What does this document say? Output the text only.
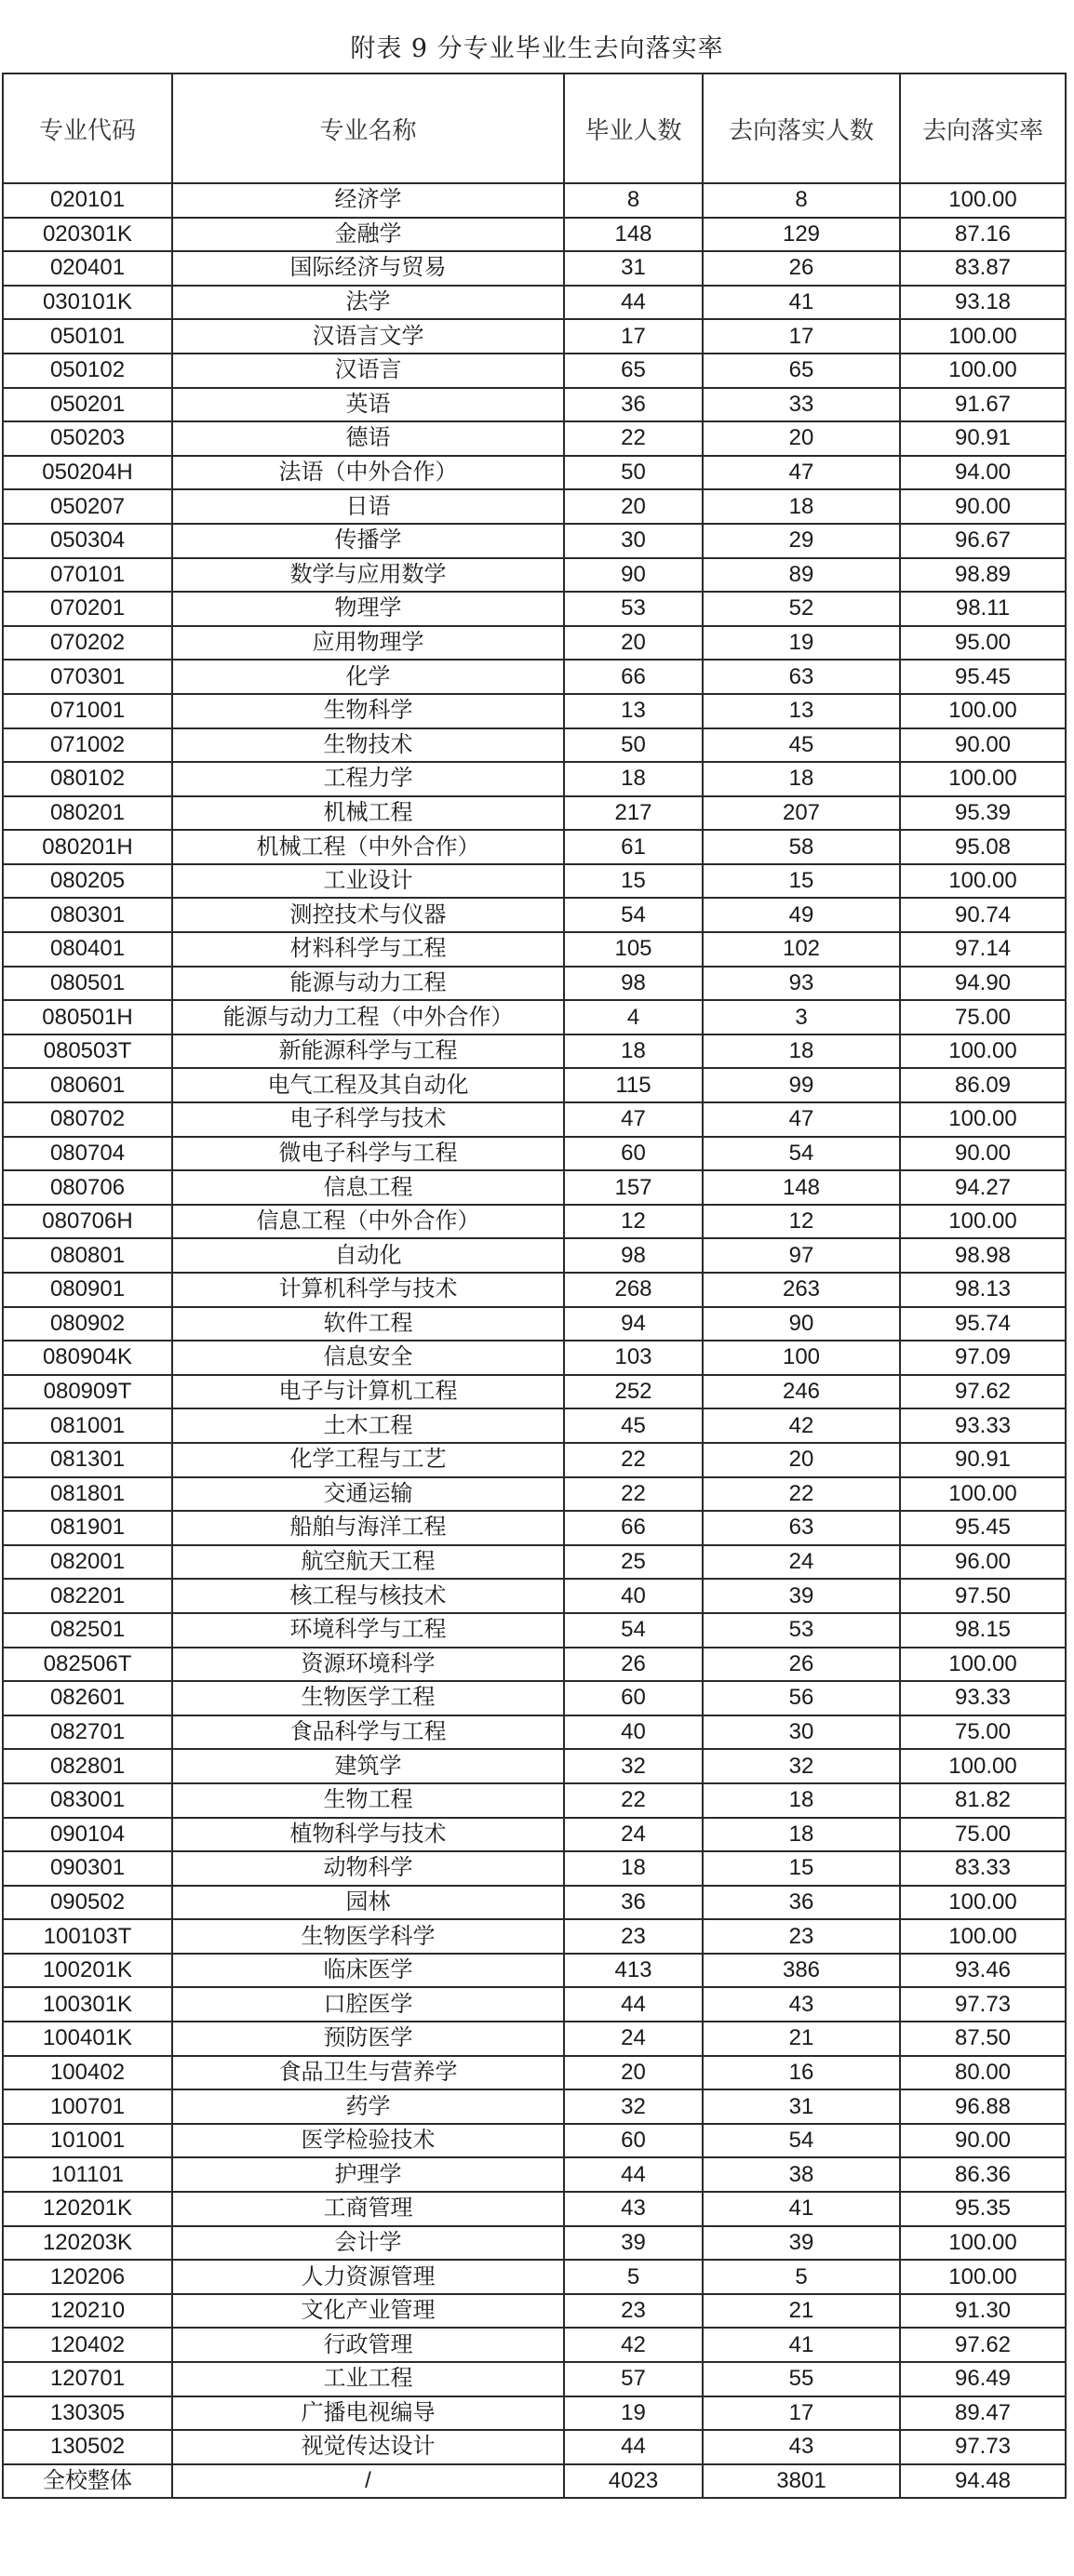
附表 9 分专业毕业生去向落实率
专业代码	专业名称	毕业人数	去向落实人数	去向落实率
020101	经济学	8	8	100.00
020301K	金融学	148	129	87.16
020401	国际经济与贸易	31	26	83.87
030101K	法学	44	41	93.18
050101	汉语言文学	17	17	100.00
050102	汉语言	65	65	100.00
050201	英语	36	33	91.67
050203	德语	22	20	90.91
050204H	法语（中外合作）	50	47	94.00
050207	日语	20	18	90.00
050304	传播学	30	29	96.67
070101	数学与应用数学	90	89	98.89
070201	物理学	53	52	98.11
070202	应用物理学	20	19	95.00
070301	化学	66	63	95.45
071001	生物科学	13	13	100.00
071002	生物技术	50	45	90.00
080102	工程力学	18	18	100.00
080201	机械工程	217	207	95.39
080201H	机械工程（中外合作）	61	58	95.08
080205	工业设计	15	15	100.00
080301	测控技术与仪器	54	49	90.74
080401	材料科学与工程	105	102	97.14
080501	能源与动力工程	98	93	94.90
080501H	能源与动力工程（中外合作）	4	3	75.00
080503T	新能源科学与工程	18	18	100.00
080601	电气工程及其自动化	115	99	86.09
080702	电子科学与技术	47	47	100.00
080704	微电子科学与工程	60	54	90.00
080706	信息工程	157	148	94.27
080706H	信息工程（中外合作）	12	12	100.00
080801	自动化	98	97	98.98
080901	计算机科学与技术	268	263	98.13
080902	软件工程	94	90	95.74
080904K	信息安全	103	100	97.09
080909T	电子与计算机工程	252	246	97.62
081001	土木工程	45	42	93.33
081301	化学工程与工艺	22	20	90.91
081801	交通运输	22	22	100.00
081901	船舶与海洋工程	66	63	95.45
082001	航空航天工程	25	24	96.00
082201	核工程与核技术	40	39	97.50
082501	环境科学与工程	54	53	98.15
082506T	资源环境科学	26	26	100.00
082601	生物医学工程	60	56	93.33
082701	食品科学与工程	40	30	75.00
082801	建筑学	32	32	100.00
083001	生物工程	22	18	81.82
090104	植物科学与技术	24	18	75.00
090301	动物科学	18	15	83.33
090502	园林	36	36	100.00
100103T	生物医学科学	23	23	100.00
100201K	临床医学	413	386	93.46
100301K	口腔医学	44	43	97.73
100401K	预防医学	24	21	87.50
100402	食品卫生与营养学	20	16	80.00
100701	药学	32	31	96.88
101001	医学检验技术	60	54	90.00
101101	护理学	44	38	86.36
120201K	工商管理	43	41	95.35
120203K	会计学	39	39	100.00
120206	人力资源管理	5	5	100.00
120210	文化产业管理	23	21	91.30
120402	行政管理	42	41	97.62
120701	工业工程	57	55	96.49
130305	广播电视编导	19	17	89.47
130502	视觉传达设计	44	43	97.73
全校整体	/	4023	3801	94.48
